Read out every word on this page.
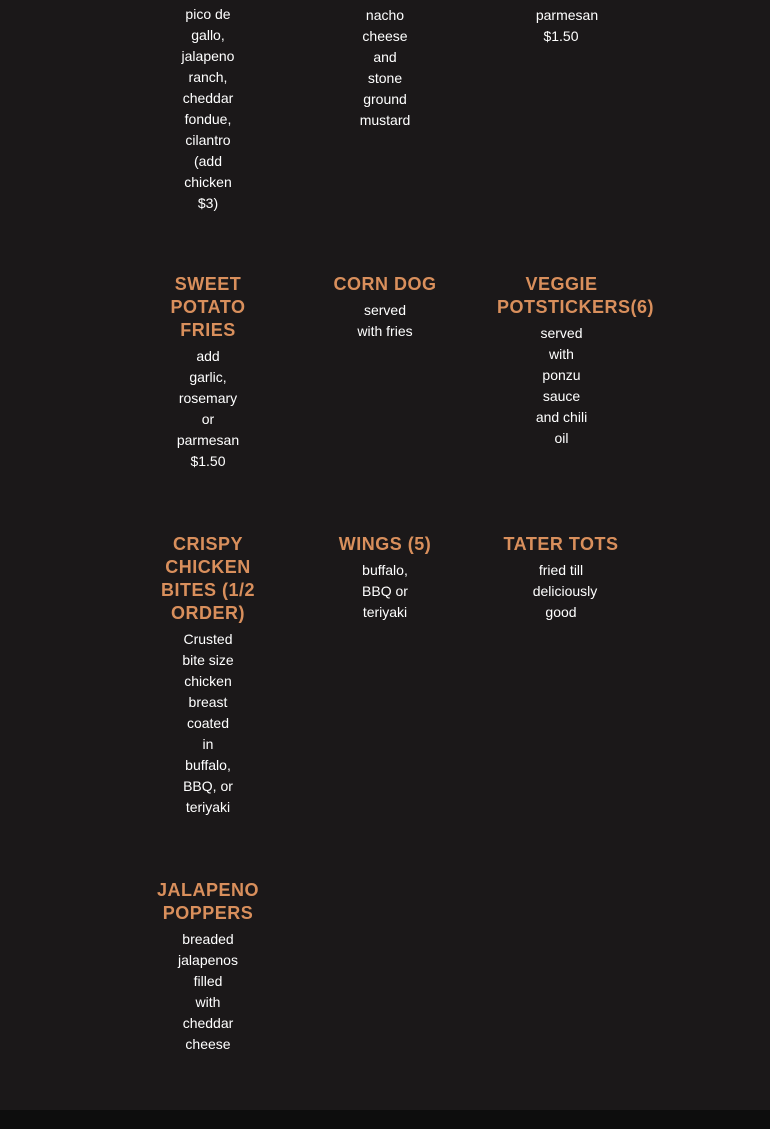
pico de
gallo,
jalapeno
ranch,
cheddar
fondue,
cilantro
(add
chicken
$3)
nacho
cheese
and
stone
ground
mustard
parmesan
$1.50
SWEET
POTATO
FRIES
add
garlic,
rosemary
or
parmesan
$1.50
CORN DOG
served
with fries
VEGGIE
POTSTICKERS(6)
served
with
ponzu
sauce
and chili
oil
CRISPY
CHICKEN
BITES (1/2
ORDER)
Crusted
bite size
chicken
breast
coated
in
buffalo,
BBQ, or
teriyaki
WINGS (5)
buffalo,
BBQ or
teriyaki
TATER TOTS
fried till
deliciously
good
JALAPENO
POPPERS
breaded
jalapenos
filled
with
cheddar
cheese
